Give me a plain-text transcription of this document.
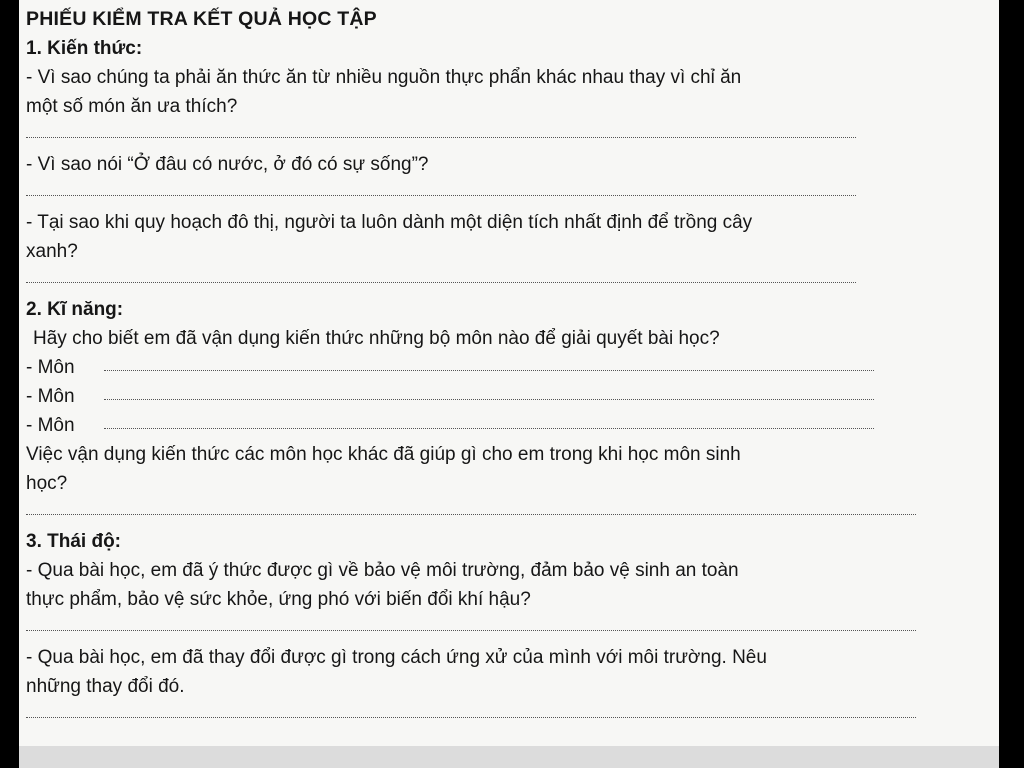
PHIẾU KIỂM TRA KẾT QUẢ HỌC TẬP

1. Kiến thức:

- Vì sao chúng ta phải ăn thức ăn từ nhiều nguồn thực phẩn khác nhau thay vì chỉ ăn

một số món ăn ưa thích?

- Vì sao nói “Ở đâu có nước, ở đó có sự sống”?

- Tại sao khi quy hoạch đô thị, người ta luôn dành một diện tích nhất định để trồng cây

xanh?

2. Kĩ năng:

Hãy cho biết em đã vận dụng kiến thức những bộ môn nào để giải quyết bài học?

- Môn
- Môn
- Môn

Việc vận dụng kiến thức các môn học khác đã giúp gì cho em trong khi học môn sinh

học?

3. Thái độ:

- Qua bài học, em đã ý thức được gì về bảo vệ môi trường, đảm bảo vệ sinh an toàn

thực phẩm, bảo vệ sức khỏe, ứng phó với biến đổi khí hậu?

- Qua bài học, em đã thay đổi được gì trong cách ứng xử của mình với môi trường. Nêu

những thay đổi đó.
